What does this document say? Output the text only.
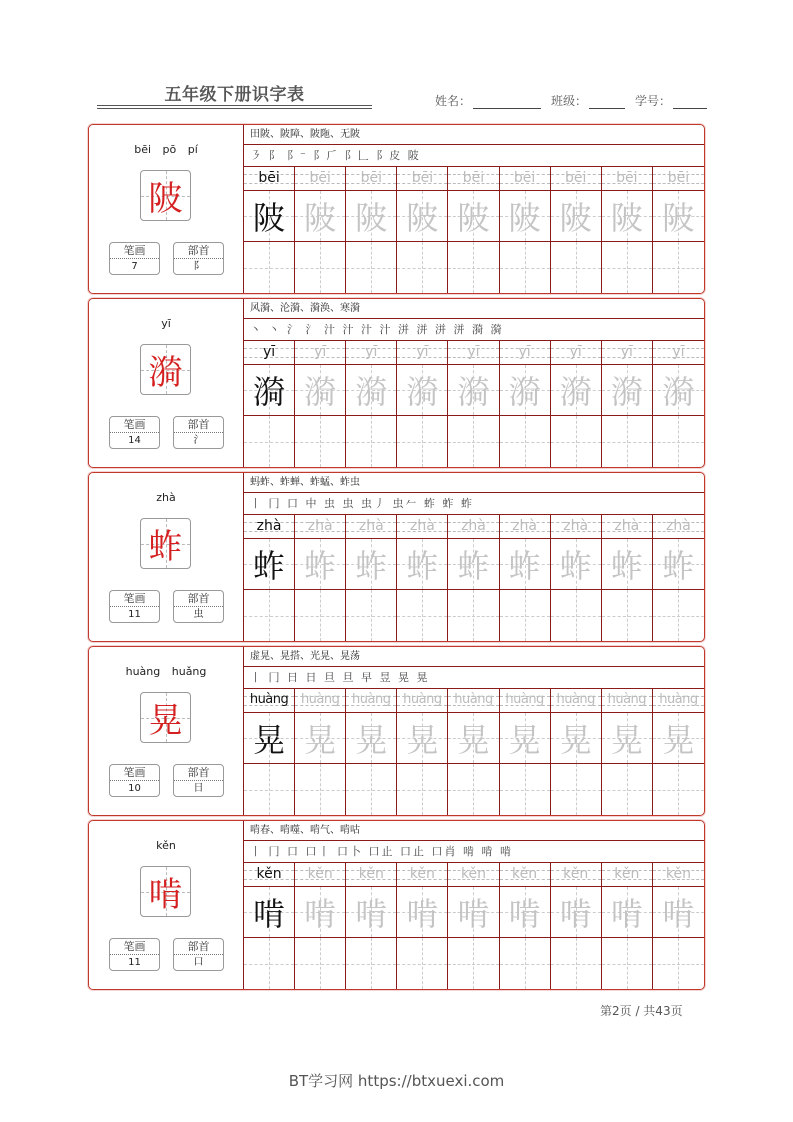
五年级下册识字表	姓名：	班级：	学号：
bēi pō pí
陂
笔画
7
部首
阝
田陂、陂障、陂陁、无陂
㇋ 阝 阝⁻ 阝𠂆 阝𠃊 阝皮 陂
bēi	bēi	bēi	bēi	bēi	bēi	bēi	bēi	bēi
陂 陂 陂 陂 陂 陂 陂 陂 陂
yī
漪
笔画
14
部首
氵
风漪、沦漪、漪涣、寒漪
丶 丶 氵 氵 汁 汁 汁 汁 洴 洴 洴 洴 漪 漪
yī	yī	yī	yī	yī	yī	yī	yī	yī
漪 漪 漪 漪 漪 漪 漪 漪 漪
zhà
蚱
笔画
11
部首
虫
蚂蚱、蚱蝉、蚱蜢、蚱虫
丨 冂 口 中 虫 虫 虫丿 虫𠂉 蚱 蚱 蚱
zhà	zhà	zhà	zhà	zhà	zhà	zhà	zhà	zhà
蚱 蚱 蚱 蚱 蚱 蚱 蚱 蚱 蚱
huàng huǎng
晃
笔画
10
部首
日
虚晃、晃搭、光晃、晃荡
丨 冂 日 日 旦 旦 早 昱 晃 晃
huàng huàng huàng huàng huàng huàng huàng huàng	huàng
晃 晃 晃 晃 晃 晃 晃 晃 晃
kěn
啃
笔画
11
部首
口
啃春、啃噬、啃气、啃咕
丨 冂 口 口丨 口卜 口止 口止 口肖 啃 啃 啃
kěn	kěn	kěn	kěn	kěn	kěn	kěn	kěn	kěn
啃 啃 啃 啃 啃 啃 啃 啃 啃
第2页 / 共43页
BT学习网 https://btxuexi.com
